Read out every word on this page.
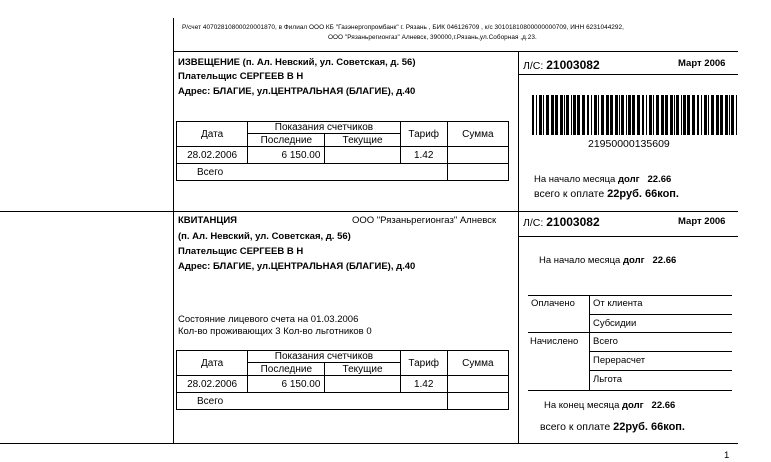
Р/счет 40702810800020001870, в Филиал ООО КБ "Газэнергопромбанк" г. Рязань , БИК 046126709 , к/с 30101810800000000709, ИНН 6231044292,
ООО "Рязаньрегионгаз" Алневск, 390000,г.Рязань,ул.Соборная ,д.23.
ИЗВЕЩЕНИЕ (п. Ал. Невский, ул. Советская, д. 56)
Плательщис СЕРГЕЕВ В Н
Адрес: БЛАГИЕ, ул.ЦЕНТРАЛЬНАЯ (БЛАГИЕ), д.40
Л/С: 21003082	Март 2006
21950000135609
На начало месяца долг 22.66
всего к оплате 22руб. 66коп.
Дата	Показания счетчиков		Тариф	Сумма
	Последние	Текущие		
28.02.2006	6 150.00		1.42	
Всего				
КВИТАНЦИЯ	ООО "Рязаньрегионгаз" Алневск
(п. Ал. Невский, ул. Советская, д. 56)
Плательщис СЕРГЕЕВ В Н
Адрес: БЛАГИЕ, ул.ЦЕНТРАЛЬНАЯ (БЛАГИЕ), д.40
Л/С: 21003082	Март 2006
Состояние лицевого счета на 01.03.2006
Кол-во проживающих 3 Кол-во льготников 0
На начало месяца долг 22.66
Оплачено От клиента
Субсидии
Начислено Всего
Перерасчет
Льгота
На конец месяца долг 22.66
всего к оплате 22руб. 66коп.
Дата	Показания счетчиков		Тариф	Сумма
	Последние	Текущие		
28.02.2006	6 150.00		1.42	
Всего				
1
